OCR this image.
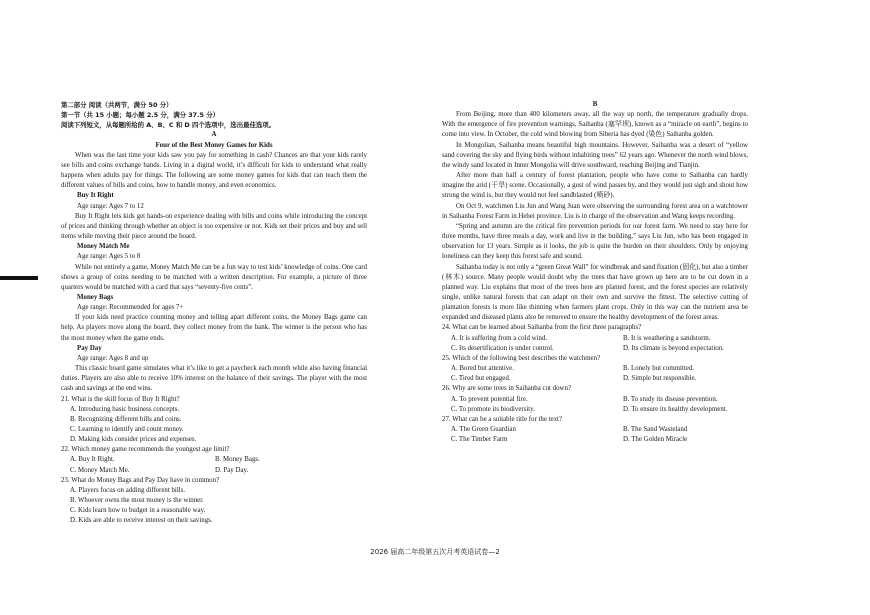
第二部分 阅读（共两节，满分 50 分）

第一节（共 15 小题；每小题 2.5 分，满分 37.5 分）

阅读下列短文，从每题所给的 A、B、C 和 D 四个选项中，选出最佳选项。

A

Four of the Best Money Games for Kids

When was the last time your kids saw you pay for something in cash? Chances are that your kids rarely see bills and coins exchange hands. Living in a digital world, it’s difficult for kids to understand what really happens when adults pay for things. The following are some money games for kids that can teach them the different values of bills and coins, how to handle money, and even economics.

Buy It Right

Age range: Ages 7 to 12

Buy It Right lets kids get hands-on experience dealing with bills and coins while introducing the concept of prices and thinking through whether an object is too expensive or not. Kids set their prices and buy and sell items while moving their piece around the board.

Money Match Me

Age range: Ages 5 to 8

While not entirely a game, Money Match Me can be a fun way to test kids’ knowledge of coins. One card shows a group of coins needing to be matched with a written description. For example, a picture of three quarters would be matched with a card that says “seventy-five cents”.

Money Bags

Age range: Recommended for ages 7+

If your kids need practice counting money and telling apart different coins, the Money Bags game can help. As players move along the board, they collect money from the bank. The winner is the person who has the most money when the game ends.

Pay Day

Age range: Ages 8 and up

This classic board game simulates what it’s like to get a paycheck each month while also having financial duties. Players are also able to receive 10% interest on the balance of their savings. The player with the most cash and savings at the end wins.

21. What is the skill focus of Buy It Right?

A. Introducing basic business concepts.

B. Recognizing different bills and coins.

C. Learning to identify and count money.

D. Making kids consider prices and expenses.

22. Which money game recommends the youngest age limit?

A. Buy It Right.	B. Money Bags.
C. Money Match Me.	D. Pay Day.

23. What do Money Bags and Pay Day have in common?

A. Players focus on adding different bills.

B. Whoever owns the most money is the winner.

C. Kids learn how to budget in a reasonable way.

D. Kids are able to receive interest on their savings.

B

From Beijing, more than 400 kilometers away, all the way up north, the temperature gradually drops. With the emergence of fire prevention warnings, Saihanba (塞罕坝), known as a “miracle on earth”, begins to come into view. In October, the cold wind blowing from Siberia has dyed (染色) Saihanba golden.

In Mongolian, Saihanba means beautiful high mountains. However, Saihanba was a desert of “yellow sand covering the sky and flying birds without inhabiting trees” 62 years ago. Whenever the north wind blows, the windy sand located in Inner Mongolia will drive southward, reaching Beijing and Tianjin.

After more than half a century of forest plantation, people who have come to Saihanba can hardly imagine the arid (干旱) scene. Occasionally, a gust of wind passes by, and they would just sigh and shout how strong the wind is, but they would not feel sandblasted (喷砂).

On Oct 9, watchmen Liu Jun and Wang Juan were observing the surrounding forest area on a watchtower in Saihanba Forest Farm in Hebei province. Liu is in charge of the observation and Wang keeps recording.

“Spring and autumn are the critical fire prevention periods for our forest farm. We need to stay here for three months, have three meals a day, work and live in the building,” says Liu Jun, who has been engaged in observation for 13 years. Simple as it looks, the job is quite the burden on their shoulders. Only by enjoying loneliness can they keep this forest safe and sound.

Saihanba today is not only a “green Great Wall” for windbreak and sand fixation (固化), but also a timber (林木) source. Many people would doubt why the trees that have grown up here are to be cut down in a planned way. Liu explains that most of the trees here are planted forest, and the forest species are relatively single, unlike natural forests that can adapt on their own and survive the fittest. The selective cutting of plantation forests is more like thinning when farmers plant crops. Only in this way can the nutrient area be expanded and diseased plants also be removed to ensure the healthy development of the forest areas.

24. What can be learned about Saihanba from the first three paragraphs?

A. It is suffering from a cold wind.	B. It is weathering a sandstorm.
C. Its desertification is under control.	D. Its climate is beyond expectation.

25. Which of the following best describes the watchmen?

A. Bored but attentive.	B. Lonely but committed.
C. Tired but engaged.	D. Simple but responsible.

26. Why are some trees in Saihanba cut down?

A. To prevent potential fire.	B. To study its disease prevention.
C. To promote its biodiversity.	D. To ensure its healthy development.

27. What can be a suitable title for the text?

A. The Green Guardian	B. The Sand Wasteland
C. The Timber Farm	D. The Golden Miracle
2026 届高二年级第五次月考英语试卷—2
